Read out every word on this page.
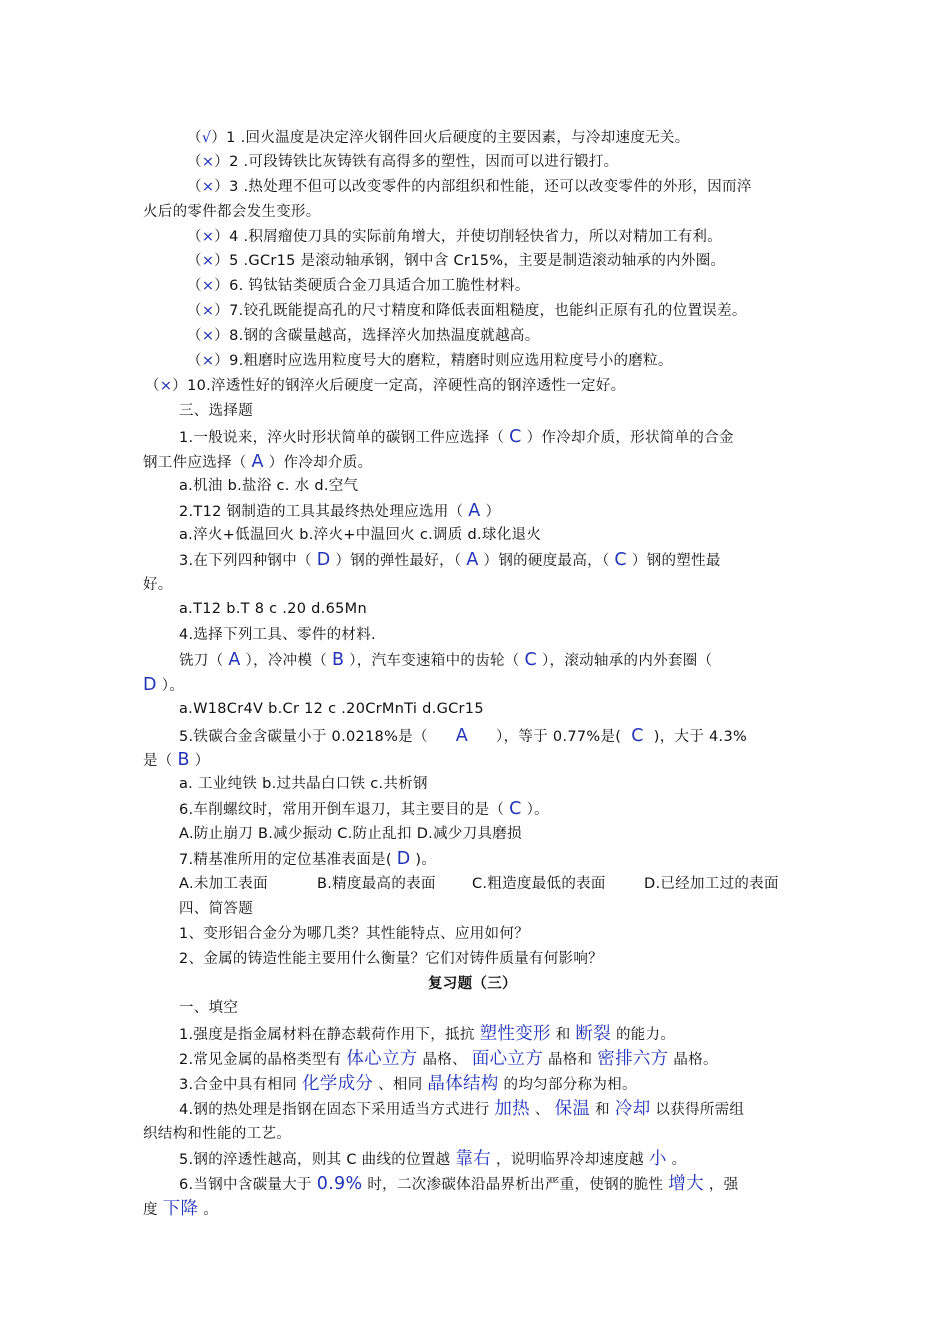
（√）1 .回火温度是决定淬火钢件回火后硬度的主要因素，与冷却速度无关。
（×）2 .可段铸铁比灰铸铁有高得多的塑性，因而可以进行锻打。
（×）3 .热处理不但可以改变零件的内部组织和性能，还可以改变零件的外形，因而淬
火后的零件都会发生变形。
（×）4 .积屑瘤使刀具的实际前角增大，并使切削轻快省力，所以对精加工有利。
（×）5 .GCr15 是滚动轴承钢，钢中含 Cr15%，主要是制造滚动轴承的内外圈。
（×）6. 钨钛钴类硬质合金刀具适合加工脆性材料。
（×）7.铰孔既能提高孔的尺寸精度和降低表面粗糙度，也能纠正原有孔的位置误差。
（×）8.钢的含碳量越高，选择淬火加热温度就越高。
（×）9.粗磨时应选用粒度号大的磨粒，精磨时则应选用粒度号小的磨粒。
（×）10.淬透性好的钢淬火后硬度一定高，淬硬性高的钢淬透性一定好。
三、选择题
1.一般说来，淬火时形状简单的碳钢工件应选择（ C ）作冷却介质，形状简单的合金
钢工件应选择（ A ）作冷却介质。
a.机油 b.盐浴 c. 水 d.空气
2.T12 钢制造的工具其最终热处理应选用（ A ）
a.淬火+低温回火 b.淬火+中温回火 c.调质 d.球化退火
3.在下列四种钢中（ D ）钢的弹性最好，（ A ）钢的硬度最高，（ C ）钢的塑性最
好。
a.T12 b.T 8 c .20 d.65Mn
4.选择下列工具、零件的材料.
铣刀（ A ），冷冲模（ B ），汽车变速箱中的齿轮（ C ），滚动轴承的内外套圈（
D ）。
a.W18Cr4V b.Cr 12 c .20CrMnTi d.GCr15
5.铁碳合金含碳量小于 0.0218%是（ A ），等于 0.77%是( C )，大于 4.3%
是（ B ）
a. 工业纯铁 b.过共晶白口铁 c.共析钢
6.车削螺纹时，常用开倒车退刀，其主要目的是（ C ）。
A.防止崩刀 B.减少振动 C.防止乱扣 D.减少刀具磨损
7.精基准所用的定位基准表面是( D )。
A.未加工表面	B.精度最高的表面 C.粗造度最低的表面	D.已经加工过的表面
四、简答题
1、变形铝合金分为哪几类？其性能特点、应用如何？
2、金属的铸造性能主要用什么衡量？它们对铸件质量有何影响？
复习题（三）
一、填空
1.强度是指金属材料在静态载荷作用下，抵抗 塑性变形 和 断裂 的能力。
2.常见金属的晶格类型有 体心立方 晶格、 面心立方 晶格和 密排六方 晶格。
3.合金中具有相同 化学成分 、相同 晶体结构 的均匀部分称为相。
4.钢的热处理是指钢在固态下采用适当方式进行 加热 、 保温 和 冷却 以获得所需组
织结构和性能的工艺。
5.钢的淬透性越高，则其 C 曲线的位置越 靠右 ，说明临界冷却速度越 小 。
6.当钢中含碳量大于 0.9% 时，二次渗碳体沿晶界析出严重，使钢的脆性 增大 ，强
度 下降 。
